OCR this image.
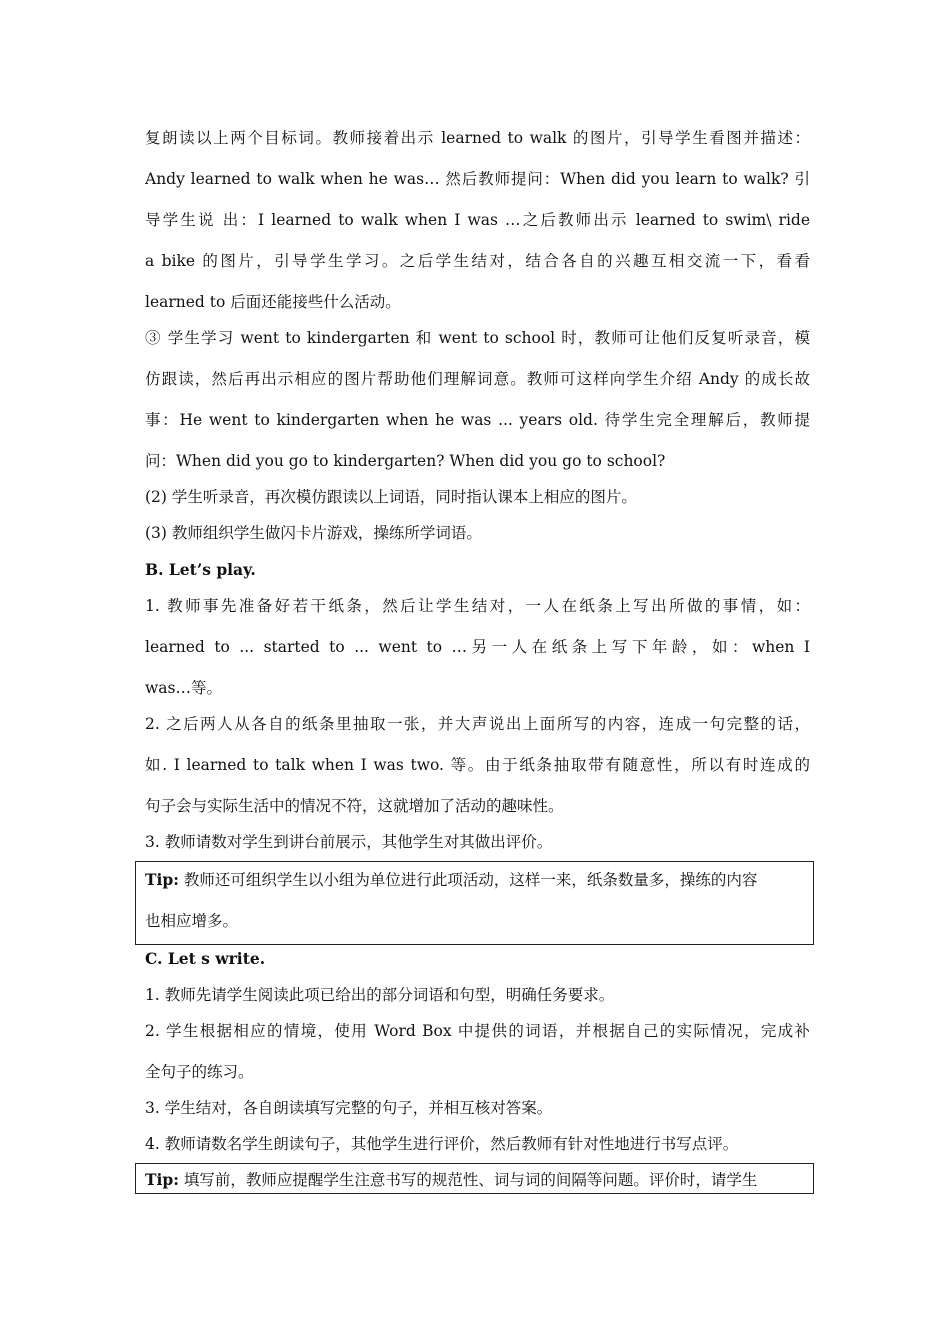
复朗读以上两个目标词。教师接着出示 learned to walk 的图片，引导学生看图并描述：
Andy learned to walk when he was… 然后教师提问：When did you learn to walk? 引
导学生说 出：I learned to walk when I was …之后教师出示 learned to swim\ ride
a bike 的图片，引导学生学习。之后学生结对，结合各自的兴趣互相交流一下，看看
learned to 后面还能接些什么活动。
③ 学生学习 went to kindergarten 和 went to school 时，教师可让他们反复听录音，模
仿跟读，然后再出示相应的图片帮助他们理解词意。教师可这样向学生介绍 Andy 的成长故
事：He went to kindergarten when he was ... years old. 待学生完全理解后，教师提
问：When did you go to kindergarten? When did you go to school?
(2) 学生听录音，再次模仿跟读以上词语，同时指认课本上相应的图片。
(3) 教师组织学生做闪卡片游戏，操练所学词语。
B. Let’s play.
1. 教师事先准备好若干纸条，然后让学生结对，一人在纸条上写出所做的事情，如：
learned to ... started to ... went to …另一人在纸条上写下年龄，如：when I
was…等。
2. 之后两人从各自的纸条里抽取一张，并大声说出上面所写的内容，连成一句完整的话，
如. I learned to talk when I was two. 等。由于纸条抽取带有随意性，所以有时连成的
句子会与实际生活中的情况不符，这就增加了活动的趣味性。
3. 教师请数对学生到讲台前展示，其他学生对其做出评价。
Tip: 教师还可组织学生以小组为单位进行此项活动，这样一来，纸条数量多，操练的内容
也相应增多。
C. Let s write.
1. 教师先请学生阅读此项已给出的部分词语和句型，明确任务要求。
2. 学生根据相应的情境，使用 Word Box 中提供的词语，并根据自己的实际情况，完成补
全句子的练习。
3. 学生结对，各自朗读填写完整的句子，并相互核对答案。
4. 教师请数名学生朗读句子，其他学生进行评价，然后教师有针对性地进行书写点评。
Tip: 填写前，教师应提醒学生注意书写的规范性、词与词的间隔等问题。评价时，请学生
